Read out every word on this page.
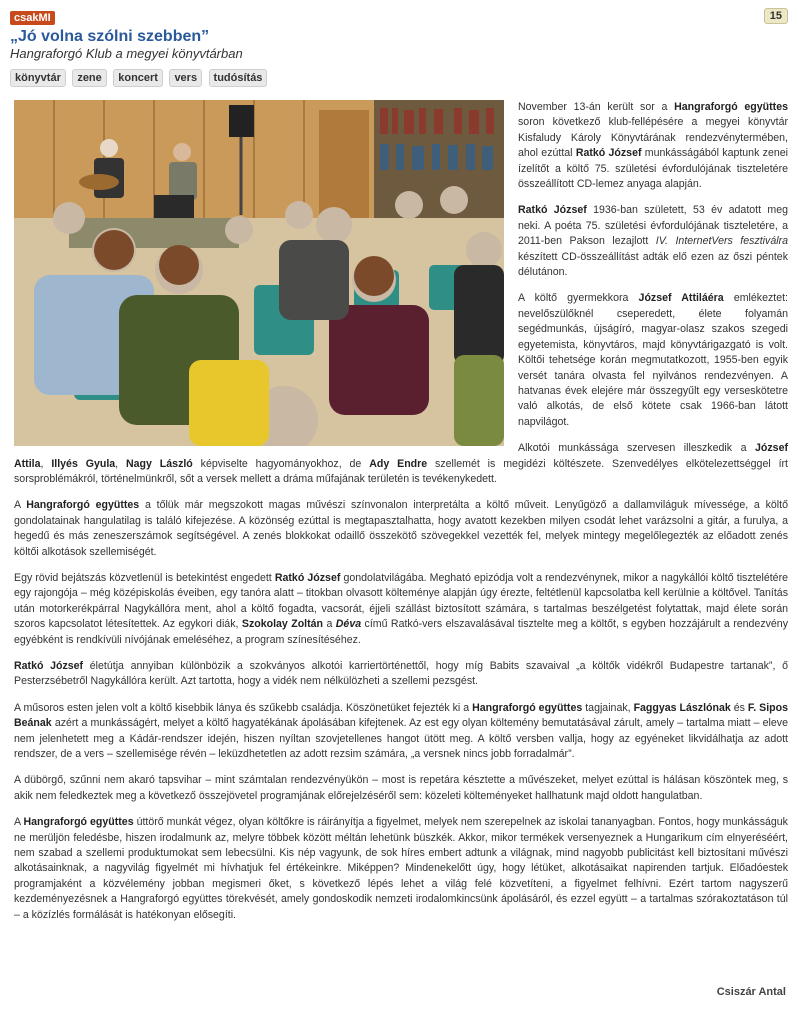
csakMI	15
„Jó volna szólni szebben”
Hangraforgó Klub a megyei könyvtárban
könyvtár zene koncert vers tudósítás

November 13-án került sor a Hangraforgó együttes soron következő klub-fellépésére a megyei könyvtár Kisfaludy Károly Könyvtárának rendezvénytermében, ahol ezúttal Ratkó József munkásságából kaptunk zenei ízelítőt a költő 75. születési évfordulójának tiszteletére összeállított CD-lemez anyaga alapján.

Ratkó József 1936-ban született, 53 év adatott meg neki. A poéta 75. születési évfordulójának tiszteletére, a 2011-ben Pakson lezajlott IV. InternetVers fesztiválra készített CD-összeállítást adták elő ezen az őszi péntek délutánon.

A költő gyermekkora József Attiláéra emlékeztet: nevelőszülőknél cseperedett, élete folyamán segédmunkás, újságíró, magyar-olasz szakos szegedi egyetemista, könyvtáros, majd könyvtárigazgató is volt. Költői tehetsége korán megmutatkozott, 1955-ben egyik versét tanára olvasta fel nyilvános rendezvényen. A hatvanas évek elejére már összegyűlt egy verseskötetre való alkotás, de első kötete csak 1966-ban látott napvilágot.

Alkotói munkássága szervesen illeszkedik a József Attila, Illyés Gyula, Nagy László képviselte hagyományokhoz, de Ady Endre szellemét is megidézi költészete. Szenvedélyes elkötelezettséggel írt sorsproblémákról, történelmünkről, sőt a versek mellett a dráma műfajának területén is tevékenykedett.

A Hangraforgó együttes a tőlük már megszokott magas művészi színvonalon interpretálta a költő műveit. Lenyűgöző a dallamviláguk mívessége, a költő gondolatainak hangulatilag is találó kifejezése. A közönség ezúttal is megtapasztalhatta, hogy avatott kezekben milyen csodát lehet varázsolni a gitár, a furulya, a hegedű és más zeneszerszámok segítségével. A zenés blokkokat odaillő összekötő szövegekkel vezették fel, melyek mintegy megelőlegezték az előadott zenés költői alkotások szellemiségét.

Egy rövid bejátszás közvetlenül is betekintést engedett Ratkó József gondolatvilágába. Megható epizódja volt a rendezvénynek, mikor a nagykállói költő tisztelétére egy rajongója – még középiskolás éveiben, egy tanóra alatt – titokban olvasott költeménye alapján úgy érezte, feltétlenül kapcsolatba kell kerülnie a költővel. Tanítás után motorkerékpárral Nagykállóra ment, ahol a költő fogadta, vacsorát, éjjeli szállást biztosított számára, s tartalmas beszélgetést folytattak, majd élete során szoros kapcsolatot létesítettek. Az egykori diák, Szokolay Zoltán a Déva című Ratkó-vers elszavalásával tisztelte meg a költőt, s egyben hozzájárult a rendezvény egyébként is rendkívüli nívójának emeléséhez, a program színesítéséhez.

Ratkó József életútja annyiban különbözik a szokványos alkotói karriertörténettől, hogy míg Babits szavaival „a költők vidékről Budapestre tartanak”, ő Pesterzsébetről Nagykállóra került. Azt tartotta, hogy a vidék nem nélkülözheti a szellemi pezsgést.

A műsoros esten jelen volt a költő kisebbik lánya és szűkebb családja. Köszönetüket fejezték ki a Hangraforgó együttes tagjainak, Faggyas Lászlónak és F. Sipos Beának azért a munkásságért, melyet a költő hagyatékának ápolásában kifejtenek. Az est egy olyan költemény bemutatásával zárult, amely – tartalma miatt – eleve nem jelenhetett meg a Kádár-rendszer idején, hiszen nyíltan szovjetellenes hangot ütött meg. A költő versben vallja, hogy az egyéneket likvidálhatja az adott rendszer, de a vers – szellemisége révén – leküzdhetetlen az adott rezsim számára, „a versnek nincs jobb forradalmár”.

A dübörgő, szűnni nem akaró tapsvihar – mint számtalan rendezvényükön – most is repetára késztette a művészeket, melyet ezúttal is hálásan köszöntek meg, s akik nem feledkeztek meg a következő összejövetel programjának előrejelzéséről sem: közeleti költeményeket hallhatunk majd oldott hangulatban.

A Hangraforgó együttes úttörő munkát végez, olyan költőkre is ráirányítja a figyelmet, melyek nem szerepelnek az iskolai tananyagban. Fontos, hogy munkásságuk ne merüljön feledésbe, hiszen irodalmunk az, melyre többek között méltán lehetünk büszkék. Akkor, mikor termékek versenyeznek a Hungarikum cím elnyeréséért, nem szabad a szellemi produktumokat sem lebecsülni. Kis nép vagyunk, de sok híres embert adtunk a világnak, mind nagyobb publicitást kell biztosítani művészi alkotásainknak, a nagyvilág figyelmét mi hívhatjuk fel értékeinkre. Miképpen? Mindenekelőtt úgy, hogy létüket, alkotásaikat napirenden tartjuk. Előadóestek programjaként a közvélemény jobban megismeri őket, s következő lépés lehet a világ felé közvetíteni, a figyelmet felhívni. Ezért tartom nagyszerű kezdeményezésnek a Hangraforgó együttes törekvését, amely gondoskodik nemzeti irodalomkincsünk ápolásáról, és ezzel együtt – a tartalmas szórakoztatáson túl – a közízlés formálását is hatékonyan elősegíti.

Csiszár Antal
